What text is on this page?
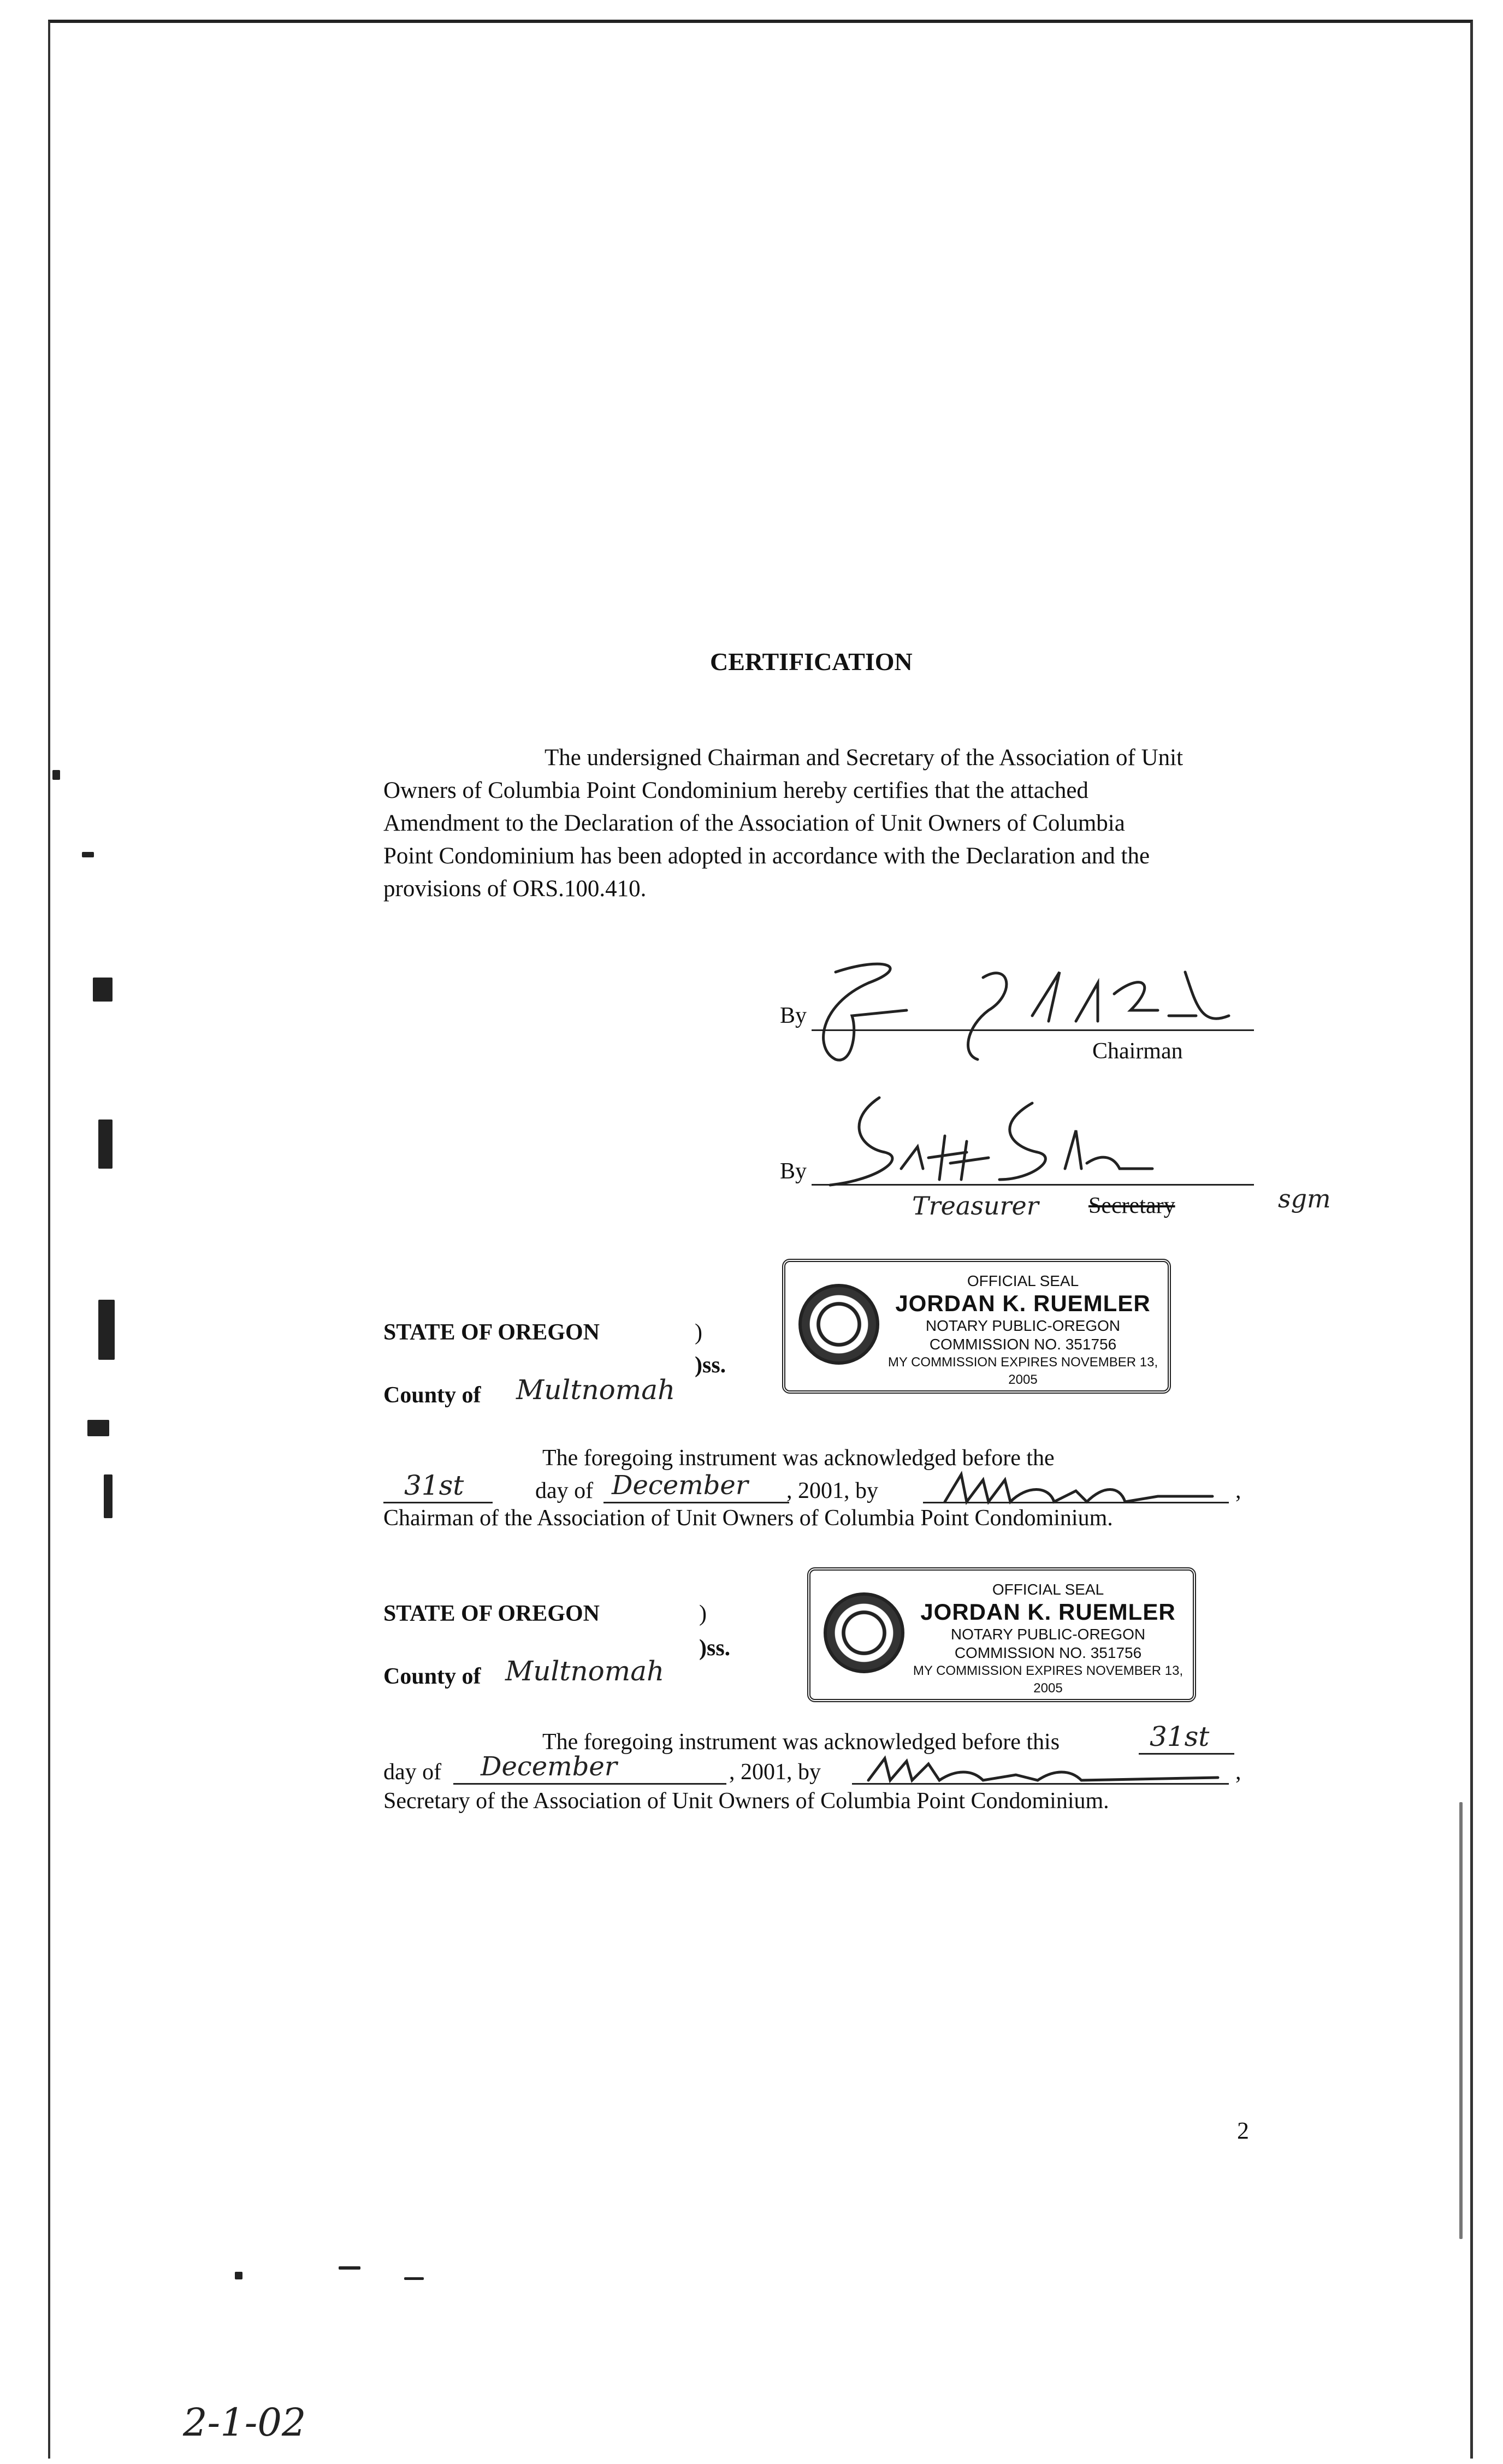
CERTIFICATION
The undersigned Chairman and Secretary of the Association of Unit
Owners of Columbia Point Condominium hereby certifies that the attached
Amendment to the Declaration of the Association of Unit Owners of Columbia
Point Condominium has been adopted in accordance with the Declaration and the
provisions of ORS.100.410.
By
Chairman
By
Treasurer Secretary	sgm
OFFICIAL SEAL
JORDAN K. RUEMLER
NOTARY PUBLIC-OREGON
COMMISSION NO. 351756
MY COMMISSION EXPIRES NOVEMBER 13, 2005
STATE OF OREGON	)
)ss.
County of Multnomah
The foregoing instrument was acknowledged before the
31st	day of December , 2001, by	,
Chairman of the Association of Unit Owners of Columbia Point Condominium.
OFFICIAL SEAL
JORDAN K. RUEMLER
NOTARY PUBLIC-OREGON
COMMISSION NO. 351756
MY COMMISSION EXPIRES NOVEMBER 13, 2005
STATE OF OREGON	)
)ss.
County of Multnomah
The foregoing instrument was acknowledged before this	31st
day of December	, 2001, by	,
Secretary of the Association of Unit Owners of Columbia Point Condominium.
2
2-1-02
